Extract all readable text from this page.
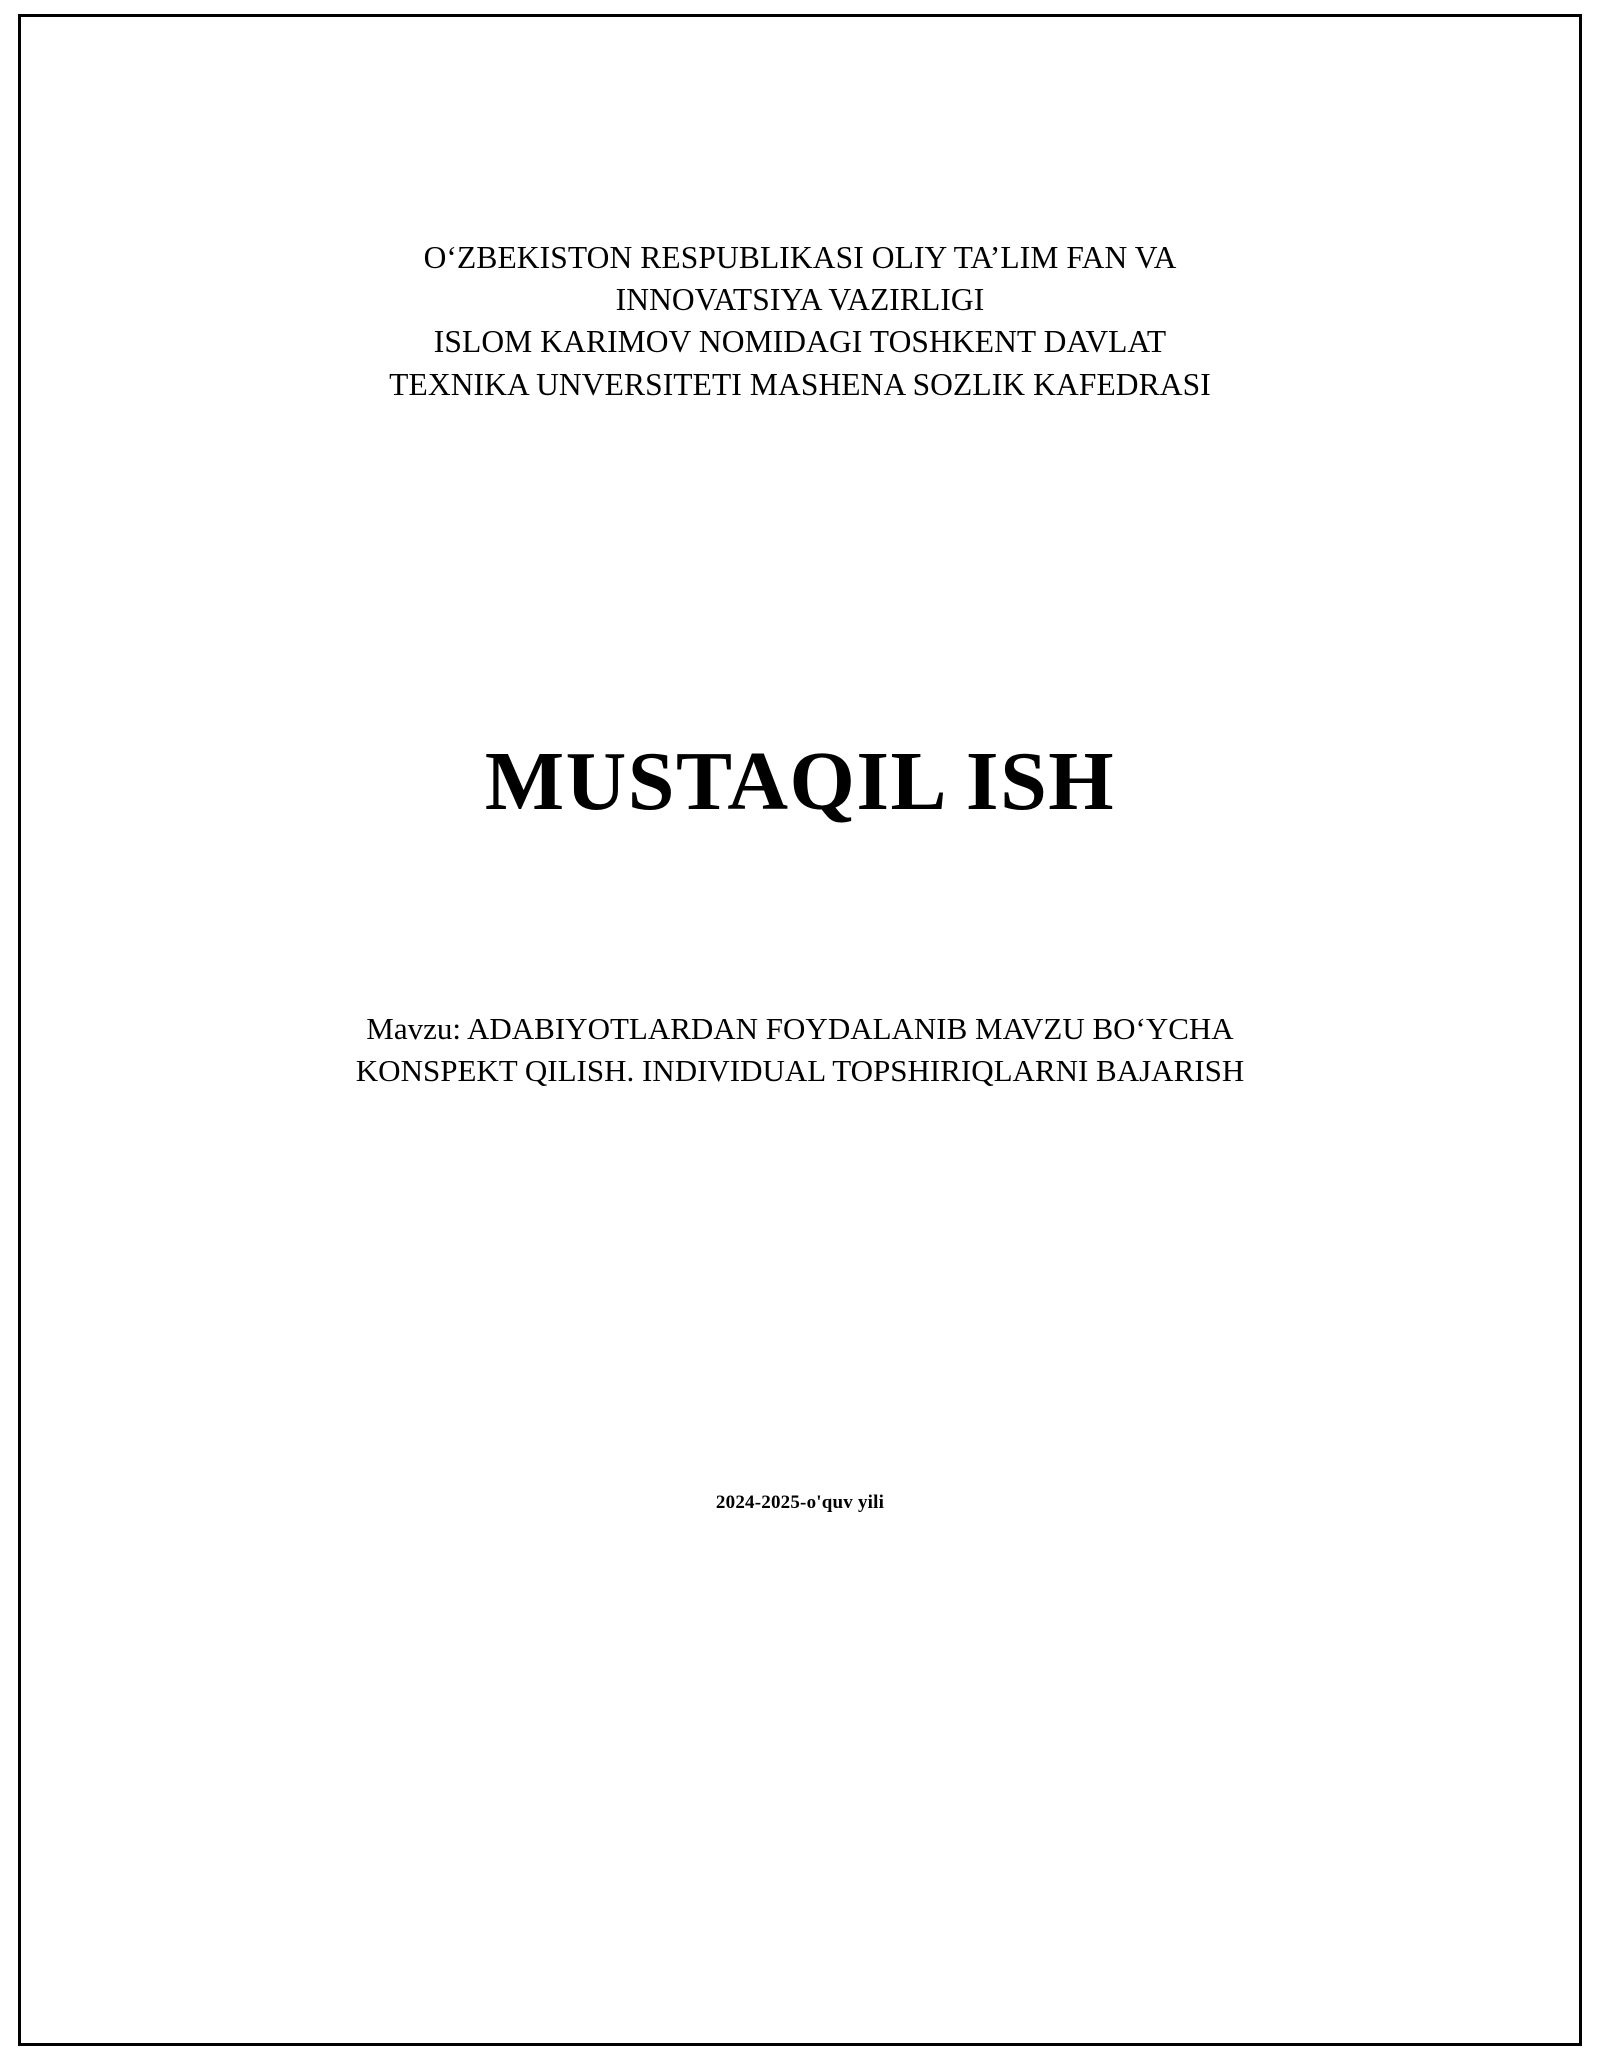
O‘ZBEKISTON RESPUBLIKASI OLIY TA’LIM FAN VA
INNOVATSIYA VAZIRLIGI
ISLOM KARIMOV NOMIDAGI TOSHKENT DAVLAT
TEXNIKA UNVERSITETI MASHENA SOZLIK KAFEDRASI
MUSTAQIL ISH
Mavzu: ADABIYOTLARDAN FOYDALANIB MAVZU BO‘YCHA
KONSPEKT QILISH. INDIVIDUAL TOPSHIRIQLARNI BAJARISH
2024-2025-o'quv yili
